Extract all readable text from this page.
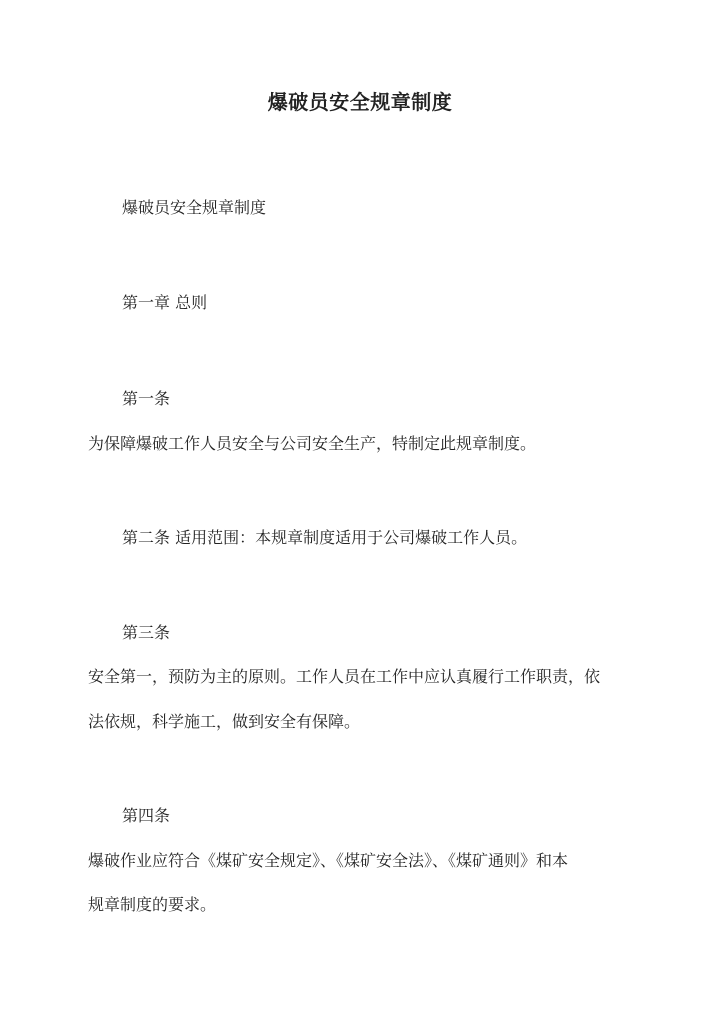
爆破员安全规章制度
爆破员安全规章制度
第一章 总则
第一条
为保障爆破工作人员安全与公司安全生产，特制定此规章制度。
第二条 适用范围：本规章制度适用于公司爆破工作人员。
第三条
安全第一，预防为主的原则。工作人员在工作中应认真履行工作职责，依
法依规，科学施工，做到安全有保障。
第四条
爆破作业应符合《煤矿安全规定》、《煤矿安全法》、《煤矿通则》和本
规章制度的要求。
